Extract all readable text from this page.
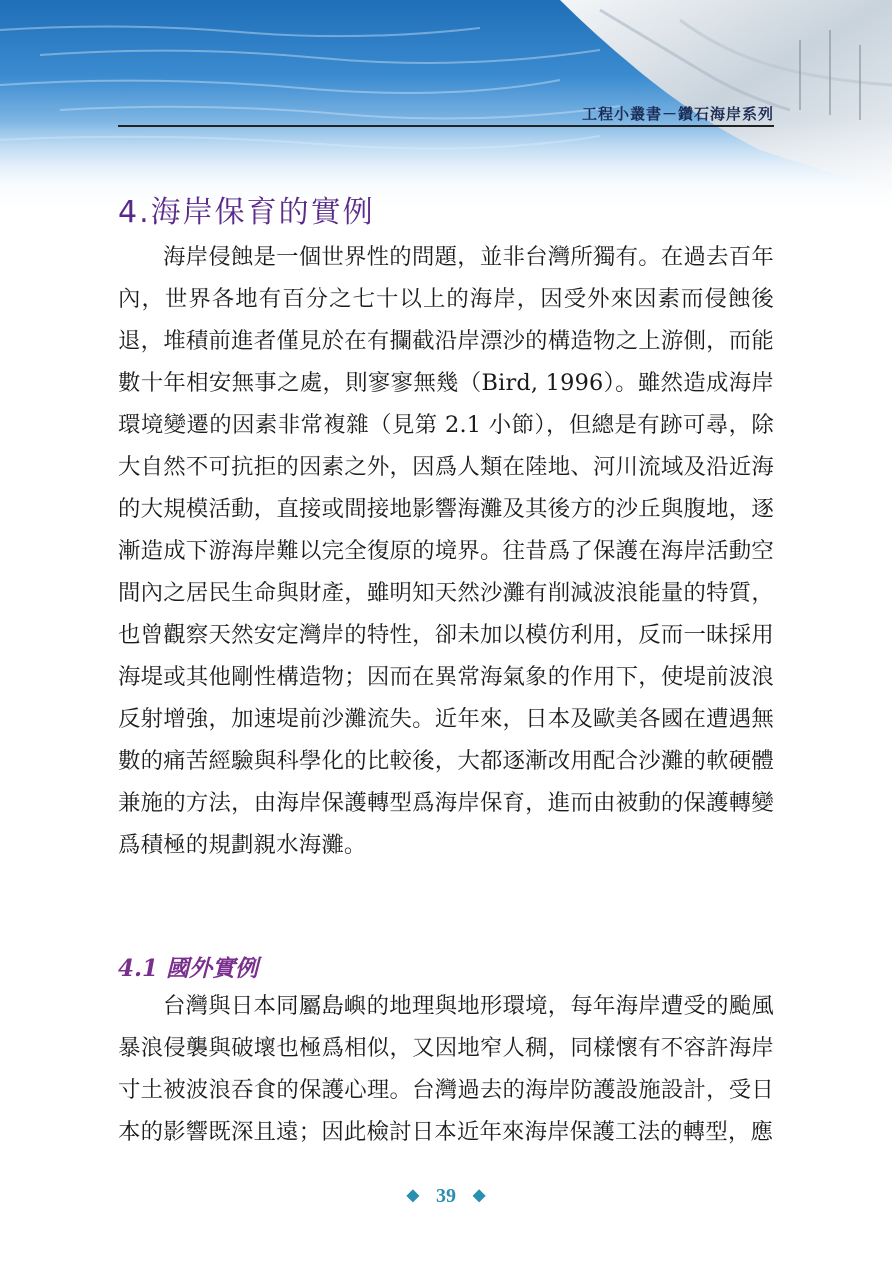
工程小叢書－鑽石海岸系列
4.海岸保育的實例
海岸侵蝕是一個世界性的問題，並非台灣所獨有。在過去百年內，世界各地有百分之七十以上的海岸，因受外來因素而侵蝕後退，堆積前進者僅見於在有攔截沿岸漂沙的構造物之上游側，而能數十年相安無事之處，則寥寥無幾（Bird, 1996）。雖然造成海岸環境變遷的因素非常複雜（見第 2.1 小節），但總是有跡可尋，除大自然不可抗拒的因素之外，因爲人類在陸地、河川流域及沿近海的大規模活動，直接或間接地影響海灘及其後方的沙丘與腹地，逐漸造成下游海岸難以完全復原的境界。往昔爲了保護在海岸活動空間內之居民生命與財產，雖明知天然沙灘有削減波浪能量的特質，也曾觀察天然安定灣岸的特性，卻未加以模仿利用，反而一昧採用海堤或其他剛性構造物；因而在異常海氣象的作用下，使堤前波浪反射增強，加速堤前沙灘流失。近年來，日本及歐美各國在遭遇無數的痛苦經驗與科學化的比較後，大都逐漸改用配合沙灘的軟硬體兼施的方法，由海岸保護轉型爲海岸保育，進而由被動的保護轉變爲積極的規劃親水海灘。
4.1 國外實例
台灣與日本同屬島嶼的地理與地形環境，每年海岸遭受的颱風暴浪侵襲與破壞也極爲相似，又因地窄人稠，同樣懷有不容許海岸寸土被波浪吞食的保護心理。台灣過去的海岸防護設施設計，受日本的影響既深且遠；因此檢討日本近年來海岸保護工法的轉型，應
◆ 39 ◆
